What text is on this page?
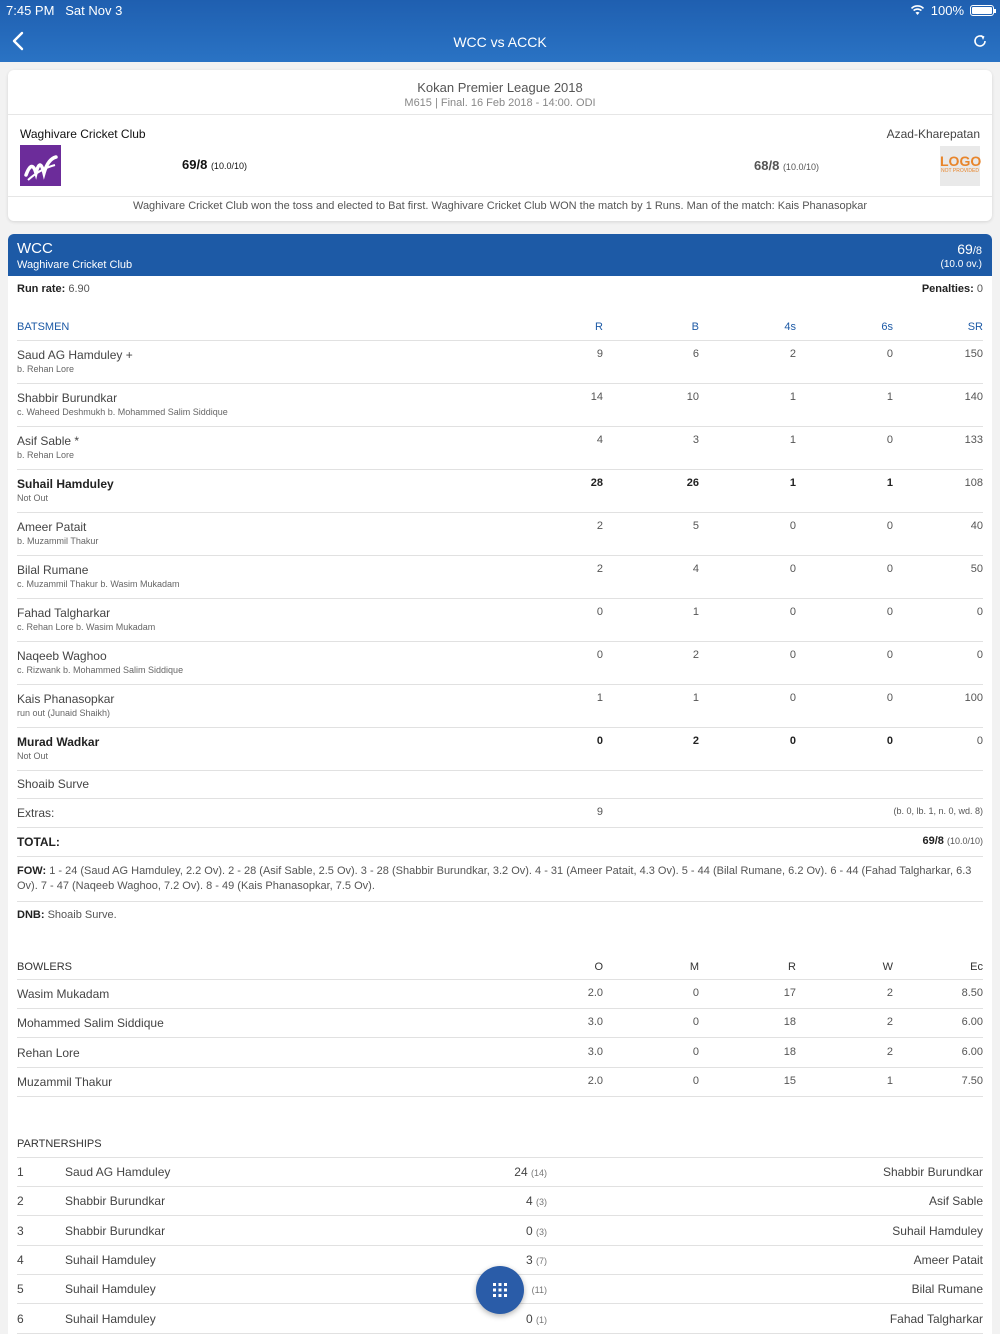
7:45 PM Sat Nov 3	100%
WCC vs ACCK
Kokan Premier League 2018
M615 | Final. 16 Feb 2018 - 14:00. ODI
Waghivare Cricket Club	Azad-Kharepatan
69/8 (10.0/10)	68/8 (10.0/10)	LOGO
NOT PROVIDED
Waghivare Cricket Club won the toss and elected to Bat first. Waghivare Cricket Club WON the match by 1 Runs. Man of the match: Kais Phanasopkar
WCC
Waghivare Cricket Club
69/8
(10.0 ov.)
Run rate: 6.90	Penalties: 0
BATSMEN	R	B	4s	6s	SR
Saud AG Hamduley +
b. Rehan Lore
9	6	2	0	150
Shabbir Burundkar
c. Waheed Deshmukh b. Mohammed Salim Siddique
14	10	1	1	140
Asif Sable *
b. Rehan Lore
4	3	1	0	133
Suhail Hamduley
Not Out
28	26	1	1	108
Ameer Patait
b. Muzammil Thakur
2	5	0	0	40
Bilal Rumane
c. Muzammil Thakur b. Wasim Mukadam
2	4	0	0	50
Fahad Talgharkar
c. Rehan Lore b. Wasim Mukadam
0	1	0	0	0
Naqeeb Waghoo
c. Rizwank b. Mohammed Salim Siddique
0	2	0	0	0
Kais Phanasopkar
run out (Junaid Shaikh)
1	1	0	0	100
Murad Wadkar
Not Out
0	2	0	0	0
Shoaib Surve
Extras:	9	(b. 0, lb. 1, n. 0, wd. 8)
TOTAL:	69/8 (10.0/10)
FOW: 1 - 24 (Saud AG Hamduley, 2.2 Ov). 2 - 28 (Asif Sable, 2.5 Ov). 3 - 28 (Shabbir Burundkar, 3.2 Ov). 4 - 31 (Ameer Patait, 4.3 Ov). 5 - 44 (Bilal Rumane, 6.2 Ov). 6 - 44 (Fahad Talgharkar, 6.3 Ov). 7 - 47 (Naqeeb Waghoo, 7.2 Ov). 8 - 49 (Kais Phanasopkar, 7.5 Ov).
DNB: Shoaib Surve.
BOWLERS	O	M	R	W	Ec
Wasim Mukadam	2.0	0	17	2	8.50
Mohammed Salim Siddique	3.0	0	18	2	6.00
Rehan Lore	3.0	0	18	2	6.00
Muzammil Thakur	2.0	0	15	1	7.50
PARTNERSHIPS
1	Saud AG Hamduley	24 (14)	Shabbir Burundkar
2	Shabbir Burundkar	4 (3)	Asif Sable
3	Shabbir Burundkar	0 (3)	Suhail Hamduley
4	Suhail Hamduley	3 (7)	Ameer Patait
5	Suhail Hamduley	(11)	Bilal Rumane
6	Suhail Hamduley	0 (1)	Fahad Talgharkar
